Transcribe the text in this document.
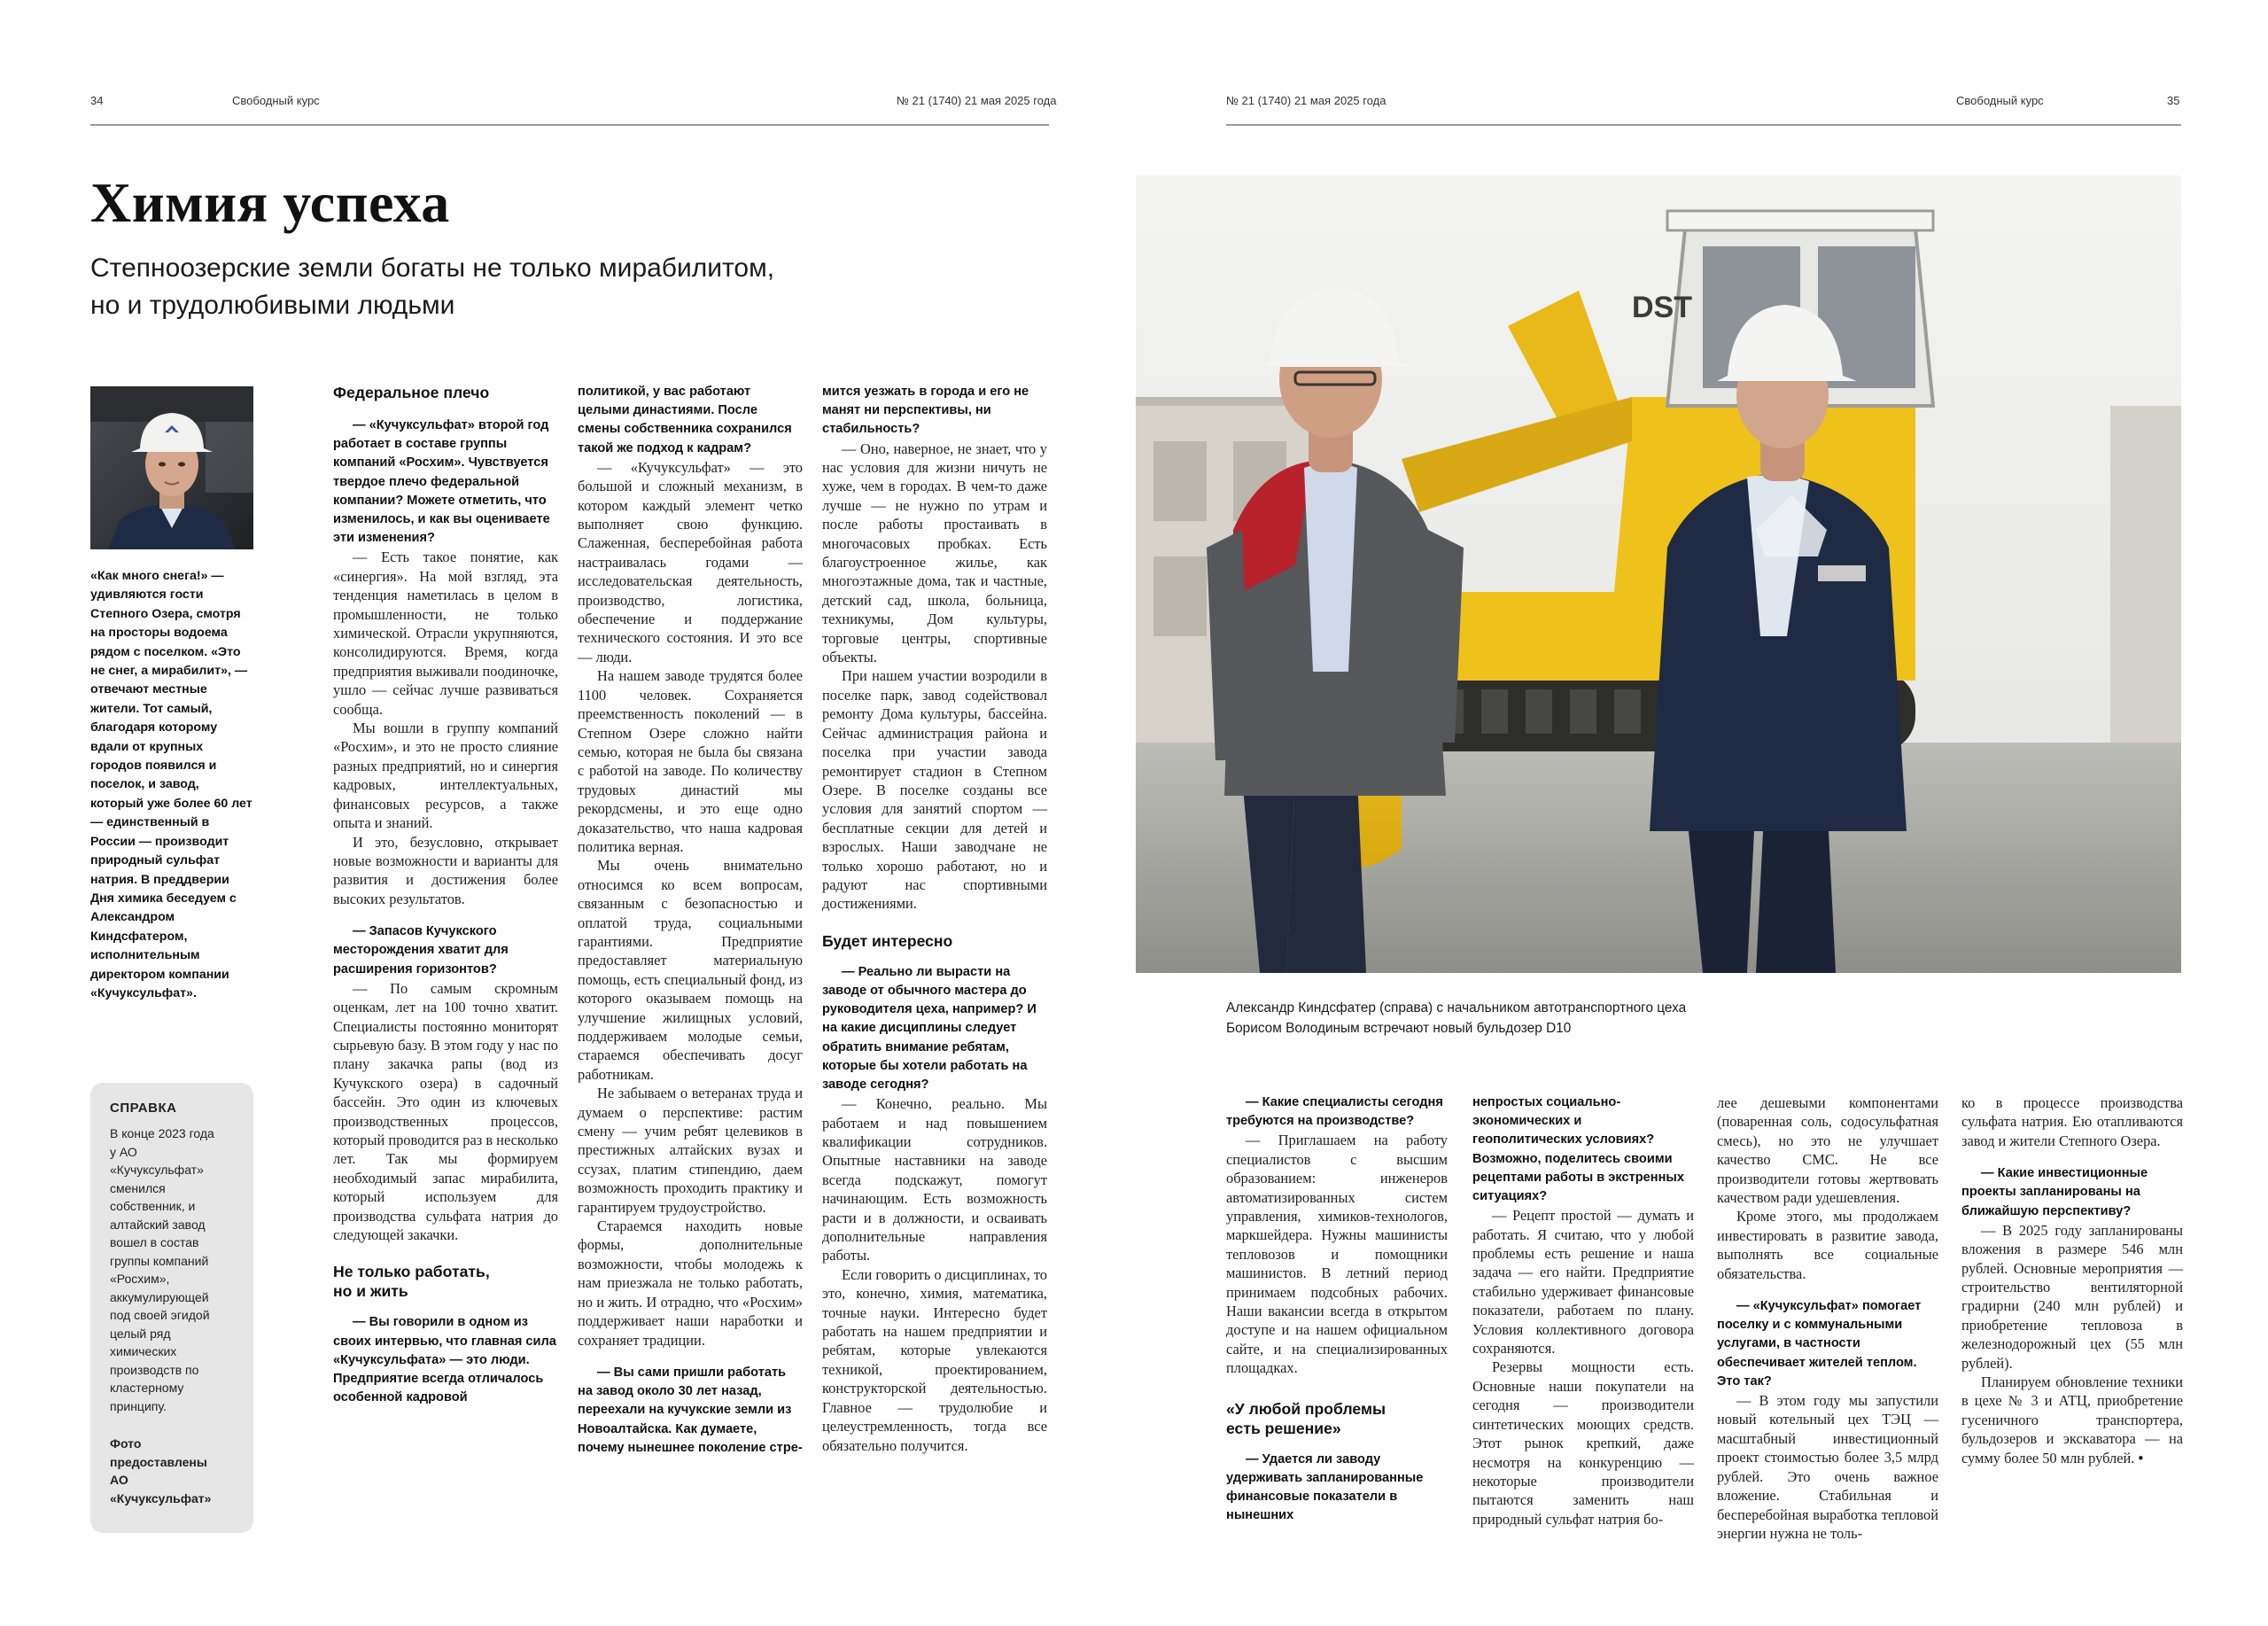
34	Свободный курс	№ 21 (1740) 21 мая 2025 года	№ 21 (1740) 21 мая 2025 года	Свободный курс	35
Химия успеха
Степноозерские земли богаты не только мирабилитом,
но и трудолюбивыми людьми
«Как много снега!» — удивляются гости Степного Озера, смотря на просторы водоема рядом с поселком. «Это не снег, а мирабилит», — отвечают местные жители. Тот самый, благодаря которому вдали от крупных городов появился и поселок, и завод, который уже более 60 лет — единственный в России — производит природный сульфат натрия. В преддверии Дня химика беседуем с Александром Киндсфатером, исполнительным директором компании «Кучуксульфат».
СПРАВКА
В конце 2023 года у АО «Кучуксульфат» сменился собственник, и алтайский завод вошел в состав группы компаний «Росхим», аккумулирующей под своей эгидой целый ряд химических производств по кластерному принципу.
Фото предоставлены АО «Кучуксульфат»
Федеральное плечо
— «Кучуксульфат» второй год работает в составе группы компаний «Росхим». Чувствуется твердое плечо федеральной компании? Можете отметить, что изменилось, и как вы оцениваете эти изменения?

— Есть такое понятие, как «синергия». На мой взгляд, эта тенденция наметилась в целом в промышленности, не только химической. Отрасли укрупняются, консолидируются. Время, когда предприятия выживали поодиночке, ушло — сейчас лучше развиваться сообща.

Мы вошли в группу компаний «Росхим», и это не просто слияние разных предприятий, но и синергия кадровых, интеллектуальных, финансовых ресурсов, а также опыта и знаний.

И это, безусловно, открывает новые возможности и варианты для развития и достижения более высоких результатов.

— Запасов Кучукского месторождения хватит для расширения горизонтов?

— По самым скромным оценкам, лет на 100 точно хватит. Специалисты постоянно мониторят сырьевую базу. В этом году у нас по плану закачка рапы (вод из Кучукского озера) в садочный бассейн. Это один из ключевых производственных процессов, который проводится раз в несколько лет. Так мы формируем необходимый запас мирабилита, который используем для производства сульфата натрия до следующей закачки.

Не только работать, но и жить
— Вы говорили в одном из своих интервью, что главная сила «Кучуксульфата» — это люди. Предприятие всегда отличалось особенной кадровой
политикой, у вас работают целыми династиями. После смены собственника сохранился такой же подход к кадрам?

— «Кучуксульфат» — это большой и сложный механизм, в котором каждый элемент четко выполняет свою функцию. Слаженная, бесперебойная работа настраивалась годами — исследовательская деятельность, производство, логистика, обеспечение и поддержание технического состояния. И это все — люди.

На нашем заводе трудятся более 1100 человек. Сохраняется преемственность поколений — в Степном Озере сложно найти семью, которая не была бы связана с работой на заводе. По количеству трудовых династий мы рекордсмены, и это еще одно доказательство, что наша кадровая политика верная.

Мы очень внимательно относимся ко всем вопросам, связанным с безопасностью и оплатой труда, социальными гарантиями. Предприятие предоставляет материальную помощь, есть специальный фонд, из которого оказываем помощь на улучшение жилищных условий, поддерживаем молодые семьи, стараемся обеспечивать досуг работникам.

Не забываем о ветеранах труда и думаем о перспективе: растим смену — учим ребят целевиков в престижных алтайских вузах и ссузах, платим стипендию, даем возможность проходить практику и гарантируем трудоустройство.

Стараемся находить новые формы, дополнительные возможности, чтобы молодежь к нам приезжала не только работать, но и жить. И отрадно, что «Росхим» поддерживает наши наработки и сохраняет традиции.

— Вы сами пришли работать на завод около 30 лет назад, переехали на кучукские земли из Новоалтайска. Как думаете, почему нынешнее поколение стре-
мится уезжать в города и его не манят ни перспективы, ни стабильность?

— Оно, наверное, не знает, что у нас условия для жизни ничуть не хуже, чем в городах. В чем-то даже лучше — не нужно по утрам и после работы простаивать в многочасовых пробках. Есть благоустроенное жилье, как многоэтажные дома, так и частные, детский сад, школа, больница, техникумы, Дом культуры, торговые центры, спортивные объекты.

При нашем участии возродили в поселке парк, завод содействовал ремонту Дома культуры, бассейна. Сейчас администрация района и поселка при участии завода ремонтирует стадион в Степном Озере. В поселке созданы все условия для занятий спортом — бесплатные секции для детей и взрослых. Наши заводчане не только хорошо работают, но и радуют нас спортивными достижениями.

Будет интересно
— Реально ли вырасти на заводе от обычного мастера до руководителя цеха, например? И на какие дисциплины следует обратить внимание ребятам, которые бы хотели работать на заводе сегодня?

— Конечно, реально. Мы работаем и над повышением квалификации сотрудников. Опытные наставники на заводе всегда подскажут, помогут начинающим. Есть возможность расти и в должности, и осваивать дополнительные направления работы.

Если говорить о дисциплинах, то это, конечно, химия, математика, точные науки. Интересно будет работать на нашем предприятии и ребятам, которые увлекаются техникой, проектированием, конструкторской деятельностью. Главное — трудолюбие и целеустремленность, тогда все обязательно получится.

DST
Александр Киндсфатер (справа) с начальником автотранспортного цеха
Борисом Володиным встречают новый бульдозер D10
— Какие специалисты сегодня требуются на производстве?

— Приглашаем на работу специалистов с высшим образованием: инженеров автоматизированных систем управления, химиков-технологов, маркшейдера. Нужны машинисты тепловозов и помощники машинистов. В летний период принимаем подсобных рабочих. Наши вакансии всегда в открытом доступе и на нашем официальном сайте, и на специализированных площадках.

«У любой проблемы есть решение»
— Удается ли заводу удерживать запланированные финансовые показатели в нынешних
непростых социально-экономических и геополитических условиях? Возможно, поделитесь своими рецептами работы в экстренных ситуациях?

— Рецепт простой — думать и работать. Я считаю, что у любой проблемы есть решение и наша задача — его найти. Предприятие стабильно удерживает финансовые показатели, работаем по плану. Условия коллективного договора сохраняются.

Резервы мощности есть. Основные наши покупатели на сегодня — производители синтетических моющих средств. Этот рынок крепкий, даже несмотря на конкуренцию — некоторые производители пытаются заменить наш природный сульфат натрия бо-

лее дешевыми компонентами (поваренная соль, содосульфатная смесь), но это не улучшает качество СМС. Не все производители готовы жертвовать качеством ради удешевления.

Кроме этого, мы продолжаем инвестировать в развитие завода, выполнять все социальные обязательства.

— «Кучуксульфат» помогает поселку и с коммунальными услугами, в частности обеспечивает жителей теплом. Это так?

— В этом году мы запустили новый котельный цех ТЭЦ — масштабный инвестиционный проект стоимостью более 3,5 млрд рублей. Это очень важное вложение. Стабильная и бесперебойная выработка тепловой энергии нужна не толь-

ко в процессе производства сульфата натрия. Ею отапливаются завод и жители Степного Озера.

— Какие инвестиционные проекты запланированы на ближайшую перспективу?

— В 2025 году запланированы вложения в размере 546 млн рублей. Основные мероприятия — строительство вентиляторной градирни (240 млн рублей) и приобретение тепловоза в железнодорожный цех (55 млн рублей).

Планируем обновление техники в цехе № 3 и АТЦ, приобретение гусеничного транспортера, бульдозеров и экскаватора — на сумму более 50 млн рублей. •
